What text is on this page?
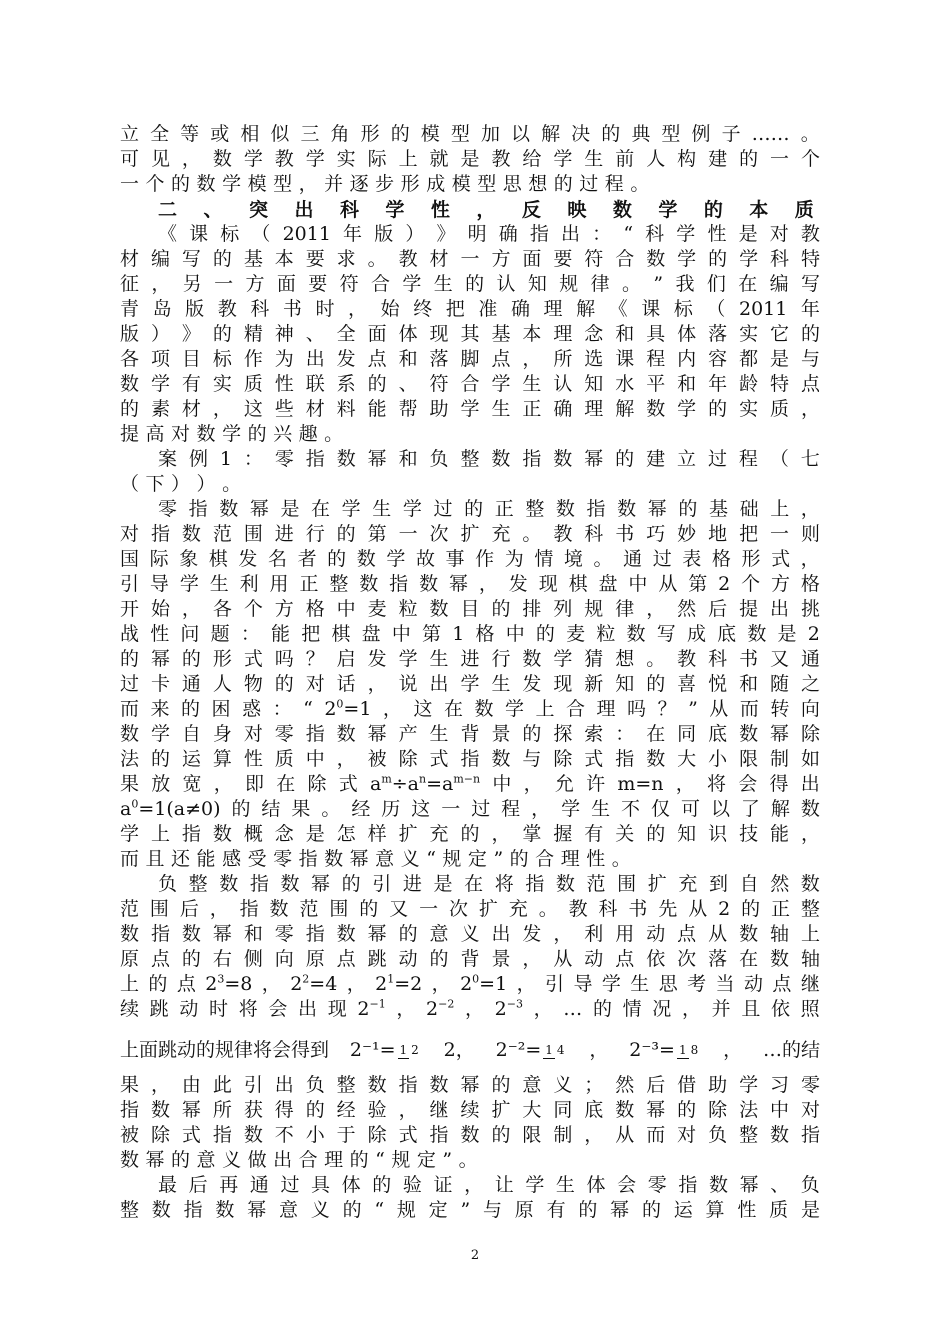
立 全 等 或 相 似 三 角 形 的 模 型 加 以 解 决 的 典 型 例 子 …… 。
可 见 ， 数 学 教 学 实 际 上 就 是 教 给 学 生 前 人 构 建 的 一 个
一 个 的 数 学 模 型 ， 并 逐 步 形 成 模 型 思 想 的 过 程 。
二 、 突 出 科 学 性 ， 反 映 数 学 的 本 质
《 课 标 （ 2011 年 版 ） 》 明 确 指 出 ： “ 科 学 性 是 对 教
材 编 写 的 基 本 要 求 。 教 材 一 方 面 要 符 合 数 学 的 学 科 特
征 ， 另 一 方 面 要 符 合 学 生 的 认 知 规 律 。 ” 我 们 在 编 写
青 岛 版 教 科 书 时 ， 始 终 把 准 确 理 解 《 课 标 （ 2011 年
版 ） 》 的 精 神 、 全 面 体 现 其 基 本 理 念 和 具 体 落 实 它 的
各 项 目 标 作 为 出 发 点 和 落 脚 点 ， 所 选 课 程 内 容 都 是 与
数 学 有 实 质 性 联 系 的 、 符 合 学 生 认 知 水 平 和 年 龄 特 点
的 素 材 ， 这 些 材 料 能 帮 助 学 生 正 确 理 解 数 学 的 实 质 ，
提 高 对 数 学 的 兴 趣 。
案 例 1 ： 零 指 数 幂 和 负 整 数 指 数 幂 的 建 立 过 程 （ 七
（ 下 ） ） 。
零 指 数 幂 是 在 学 生 学 过 的 正 整 数 指 数 幂 的 基 础 上 ，
对 指 数 范 围 进 行 的 第 一 次 扩 充 。 教 科 书 巧 妙 地 把 一 则
国 际 象 棋 发 名 者 的 数 学 故 事 作 为 情 境 。 通 过 表 格 形 式 ，
引 导 学 生 利 用 正 整 数 指 数 幂 ， 发 现 棋 盘 中 从 第 2 个 方 格
开 始 ， 各 个 方 格 中 麦 粒 数 目 的 排 列 规 律 ， 然 后 提 出 挑
战 性 问 题 ： 能 把 棋 盘 中 第 1 格 中 的 麦 粒 数 写 成 底 数 是 2
的 幂 的 形 式 吗 ？ 启 发 学 生 进 行 数 学 猜 想 。 教 科 书 又 通
过 卡 通 人 物 的 对 话 ， 说 出 学 生 发 现 新 知 的 喜 悦 和 随 之
而 来 的 困 惑 ： “ $2^0=1$ ， 这 在 数 学 上 合 理 吗 ？ ” 从 而 转 向
数 学 自 身 对 零 指 数 幂 产 生 背 景 的 探 索 ： 在 同 底 数 幂 除
法 的 运 算 性 质 中 ， 被 除 式 指 数 与 除 式 指 数 大 小 限 制 如
果 放 宽 ， 即 在 除 式 $a^m\div a^n=a^{m-n}$ 中 ， 允 许 m=n ， 将 会 得 出
$a^0=1(a\ne 0)$ 的 结 果 。 经 历 这 一 过 程 ， 学 生 不 仅 可 以 了 解 数
学 上 指 数 概 念 是 怎 样 扩 充 的 ， 掌 握 有 关 的 知 识 技 能 ，
而 且 还 能 感 受 零 指 数 幂 意 义 “ 规 定 ” 的 合 理 性 。
负 整 数 指 数 幂 的 引 进 是 在 将 指 数 范 围 扩 充 到 自 然 数
范 围 后 ， 指 数 范 围 的 又 一 次 扩 充 。 教 科 书 先 从 2 的 正 整
数 指 数 幂 和 零 指 数 幂 的 意 义 出 发 ， 利 用 动 点 从 数 轴 上
原 点 的 右 侧 向 原 点 跳 动 的 背 景 ， 从 动 点 依 次 落 在 数 轴
上 的 点 $2^3=8$ ， $2^2=4$ ， $2^1=2$ ， $2^0=1$ ， 引 导 学 生 思 考 当 动 点 继
续 跳 动 时 将 会 出 现 $2^{-1}$ ， $2^{-2}$ ， $2^{-3}$ ， … 的 情 况 ， 并 且 依 照
果 ， 由 此 引 出 负 整 数 指 数 幂 的 意 义 ； 然 后 借 助 学 习 零
指 数 幂 所 获 得 的 经 验 ， 继 续 扩 大 同 底 数 幂 的 除 法 中 对
被 除 式 指 数 不 小 于 除 式 指 数 的 限 制 ， 从 而 对 负 整 数 指
数 幂 的 意 义 做 出 合 理 的 “ 规 定 ” 。
最 后 再 通 过 具 体 的 验 证 ， 让 学 生 体 会 零 指 数 幂 、 负
整 数 指 数 幂 意 义 的 “ 规 定 ” 与 原 有 的 幂 的 运 算 性 质 是
上面跳动的规律将会得到 2⁻¹= 1 2 2， 2⁻²= 1 4 ， 2⁻³= 1 8 ， …的结
2
